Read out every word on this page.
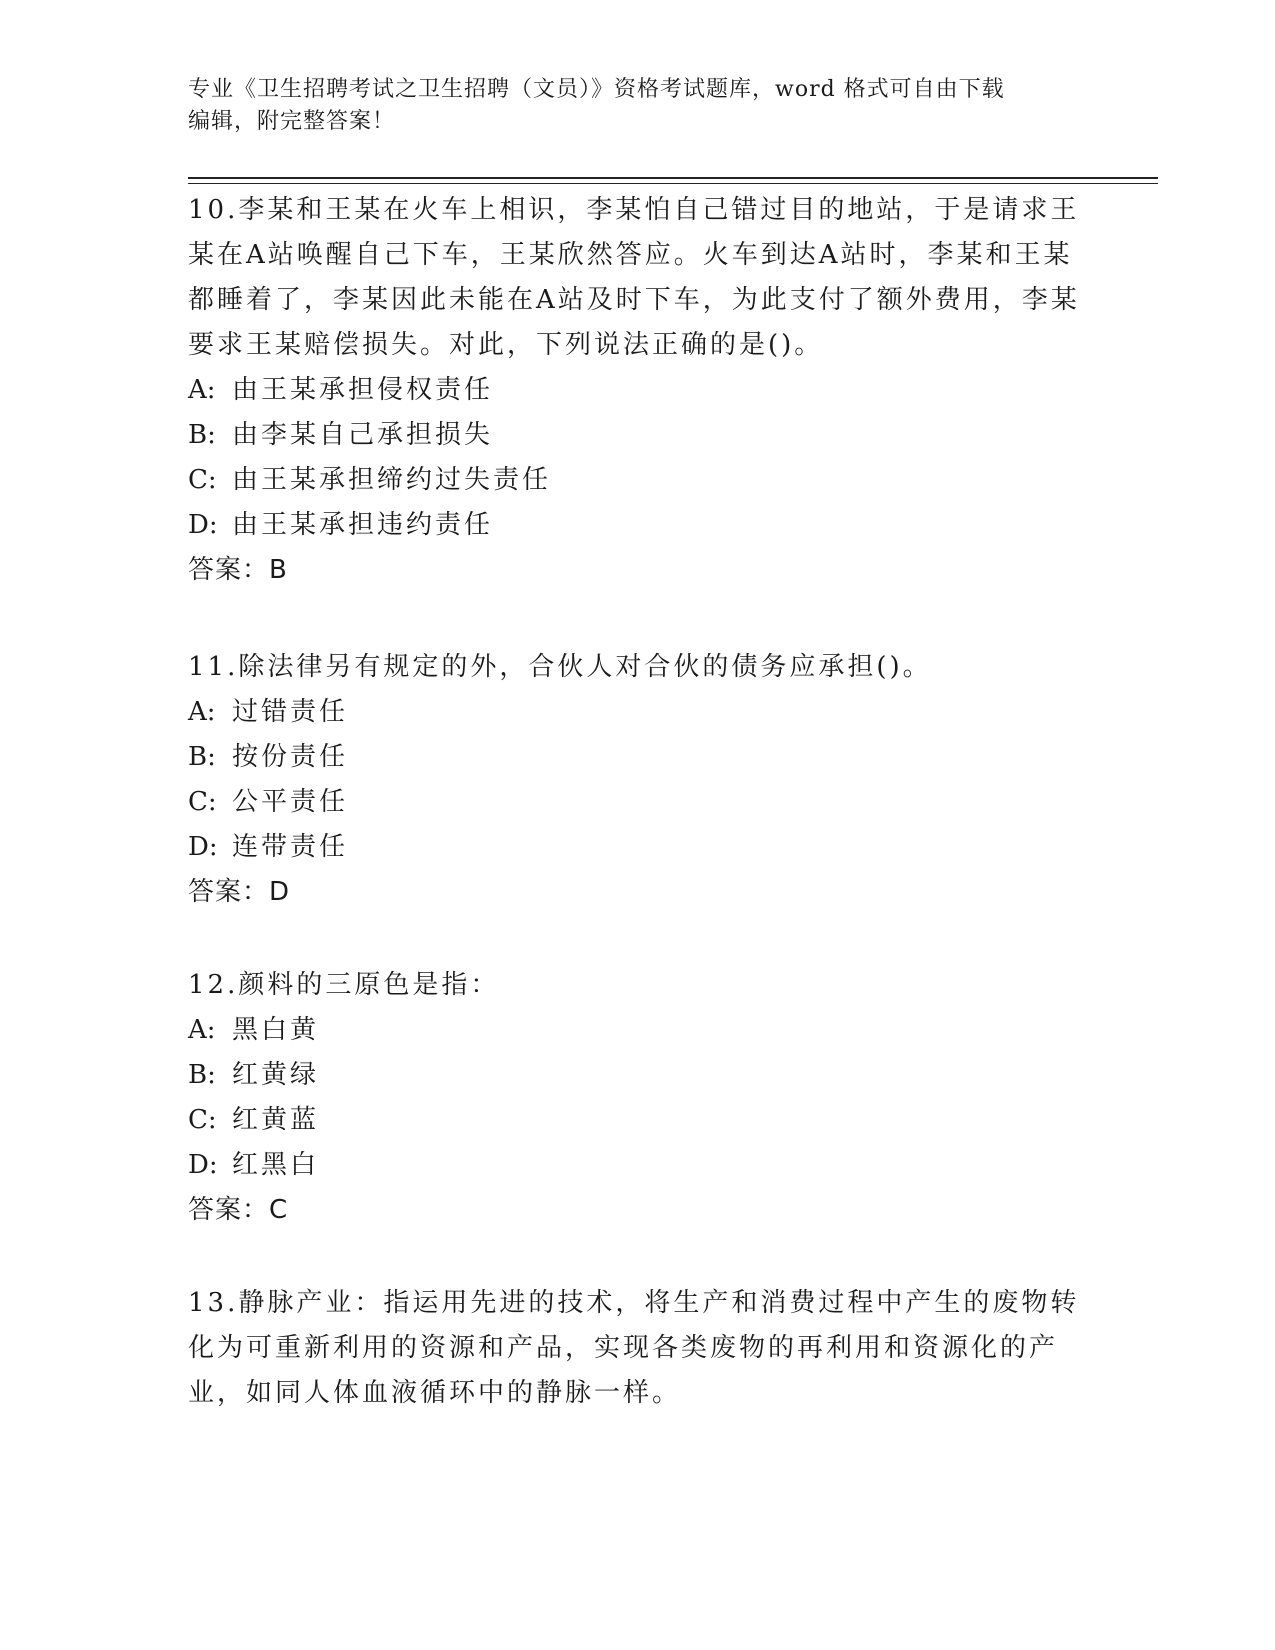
专业《卫生招聘考试之卫生招聘（文员）》资格考试题库，word 格式可自由下载
编辑，附完整答案！

10.李某和王某在火车上相识，李某怕自己错过目的地站，于是请求王某在A站唤醒自己下车，王某欣然答应。火车到达A站时，李某和王某都睡着了，李某因此未能在A站及时下车，为此支付了额外费用，李某要求王某赔偿损失。对此，下列说法正确的是()。

A: 由王某承担侵权责任
B: 由李某自己承担损失
C: 由王某承担缔约过失责任
D: 由王某承担违约责任
答案：B

11.除法律另有规定的外，合伙人对合伙的债务应承担()。

A: 过错责任
B: 按份责任
C: 公平责任
D: 连带责任
答案：D

12.颜料的三原色是指：

A: 黑白黄
B: 红黄绿
C: 红黄蓝
D: 红黑白
答案：C

13.静脉产业：指运用先进的技术，将生产和消费过程中产生的废物转化为可重新利用的资源和产品，实现各类废物的再利用和资源化的产业，如同人体血液循环中的静脉一样。
